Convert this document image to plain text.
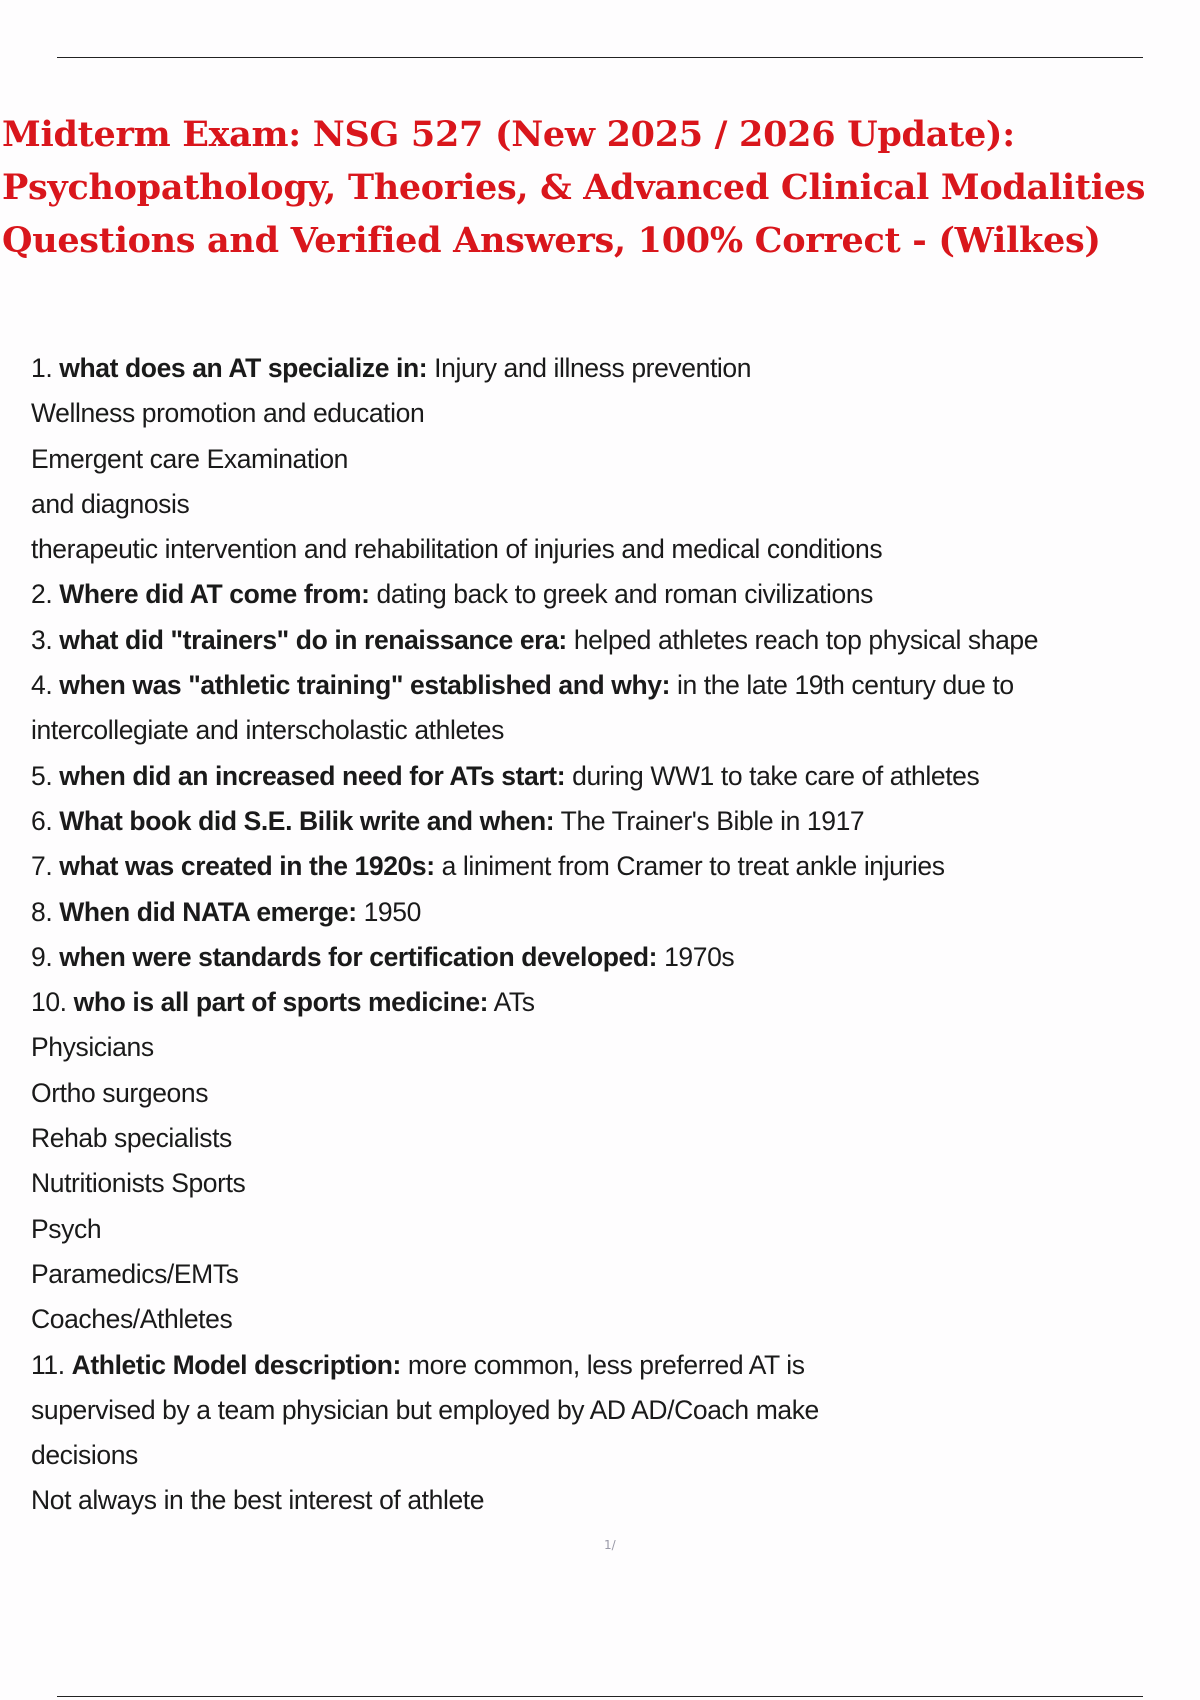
Midterm Exam: NSG 527 (New 2025 / 2026 Update):
Psychopathology, Theories, & Advanced Clinical Modalities
Questions and Verified Answers, 100% Correct - (Wilkes)
1. what does an AT specialize in: Injury and illness prevention
Wellness promotion and education
Emergent care Examination
and diagnosis
therapeutic intervention and rehabilitation of injuries and medical conditions
2. Where did AT come from: dating back to greek and roman civilizations
3. what did "trainers" do in renaissance era: helped athletes reach top physical shape
4. when was "athletic training" established and why: in the late 19th century due to
intercollegiate and interscholastic athletes
5. when did an increased need for ATs start: during WW1 to take care of athletes
6. What book did S.E. Bilik write and when: The Trainer's Bible in 1917
7. what was created in the 1920s: a liniment from Cramer to treat ankle injuries
8. When did NATA emerge: 1950
9. when were standards for certification developed: 1970s
10. who is all part of sports medicine: ATs
Physicians
Ortho surgeons
Rehab specialists
Nutritionists Sports
Psych
Paramedics/EMTs
Coaches/Athletes
11. Athletic Model description: more common, less preferred AT is
supervised by a team physician but employed by AD AD/Coach make
decisions
Not always in the best interest of athlete
1/
